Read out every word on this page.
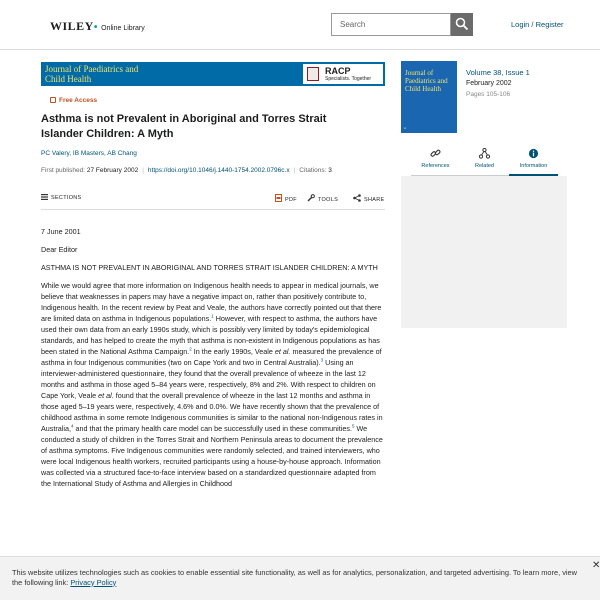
WILEY• Online Library	Search	Login / Register
Journal of Paediatrics and
Child Health
RACP
Specialists. Together
Free Access
Asthma is not Prevalent in Aboriginal and Torres Strait Islander Children: A Myth
PC Valery, IB Masters, AB Chang
First published: 27 February 2002 | https://doi.org/10.1046/j.1440-1754.2002.0796c.x | Citations: 3
SECTIONS	PDF	TOOLS	SHARE

7 June 2001

Dear Editor

ASTHMA IS NOT PREVALENT IN ABORIGINAL AND TORRES STRAIT ISLANDER CHILDREN: A MYTH

While we would agree that more information on Indigenous health needs to appear in medical journals, we believe that weaknesses in papers may have a negative impact on, rather than positively contribute to, Indigenous health. In the recent review by Peat and Veale, the authors have correctly pointed out that there are limited data on asthma in Indigenous populations.$^1$ However, with respect to asthma, the authors have used their own data from an early 1990s study, which is possibly very limited by today's epidemiological standards, and has helped to create the myth that asthma is non-existent in Indigenous populations as has been stated in the National Asthma Campaign.$^2$ In the early 1990s, Veale et al. measured the prevalence of asthma in four Indigenous communities (two on Cape York and two in Central Australia).$^3$ Using an interviewer-administered questionnaire, they found that the overall prevalence of wheeze in the last 12 months and asthma in those aged 5–84 years were, respectively, 8% and 2%. With respect to children on Cape York, Veale et al. found that the overall prevalence of wheeze in the last 12 months and asthma in those aged 5–19 years were, respectively, 4.6% and 0.0%. We have recently shown that the prevalence of childhood asthma in some remote Indigenous communities is similar to the national non-Indigenous rates in Australia,$^4$ and that the primary health care model can be successfully used in these communities.$^5$ We conducted a study of children in the Torres Strait and Northern Peninsula areas to document the prevalence of asthma symptoms. Five Indigenous communities were randomly selected, and trained interviewers, who were local Indigenous health workers, recruited participants using a house-by-house approach. Information was collected via a structured face-to-face interview based on a standardized questionnaire adapted from the International Study of Asthma and Allergies in Childhood

Journal of Paediatrics and
Child Health
▪▪
Volume 38, Issue 1
February 2002
Pages 105-106
References	Related	Information
This website utilizes technologies such as cookies to enable essential site functionality, as well as for analytics, personalization, and targeted advertising. To learn more, view the following link: Privacy Policy
✕
